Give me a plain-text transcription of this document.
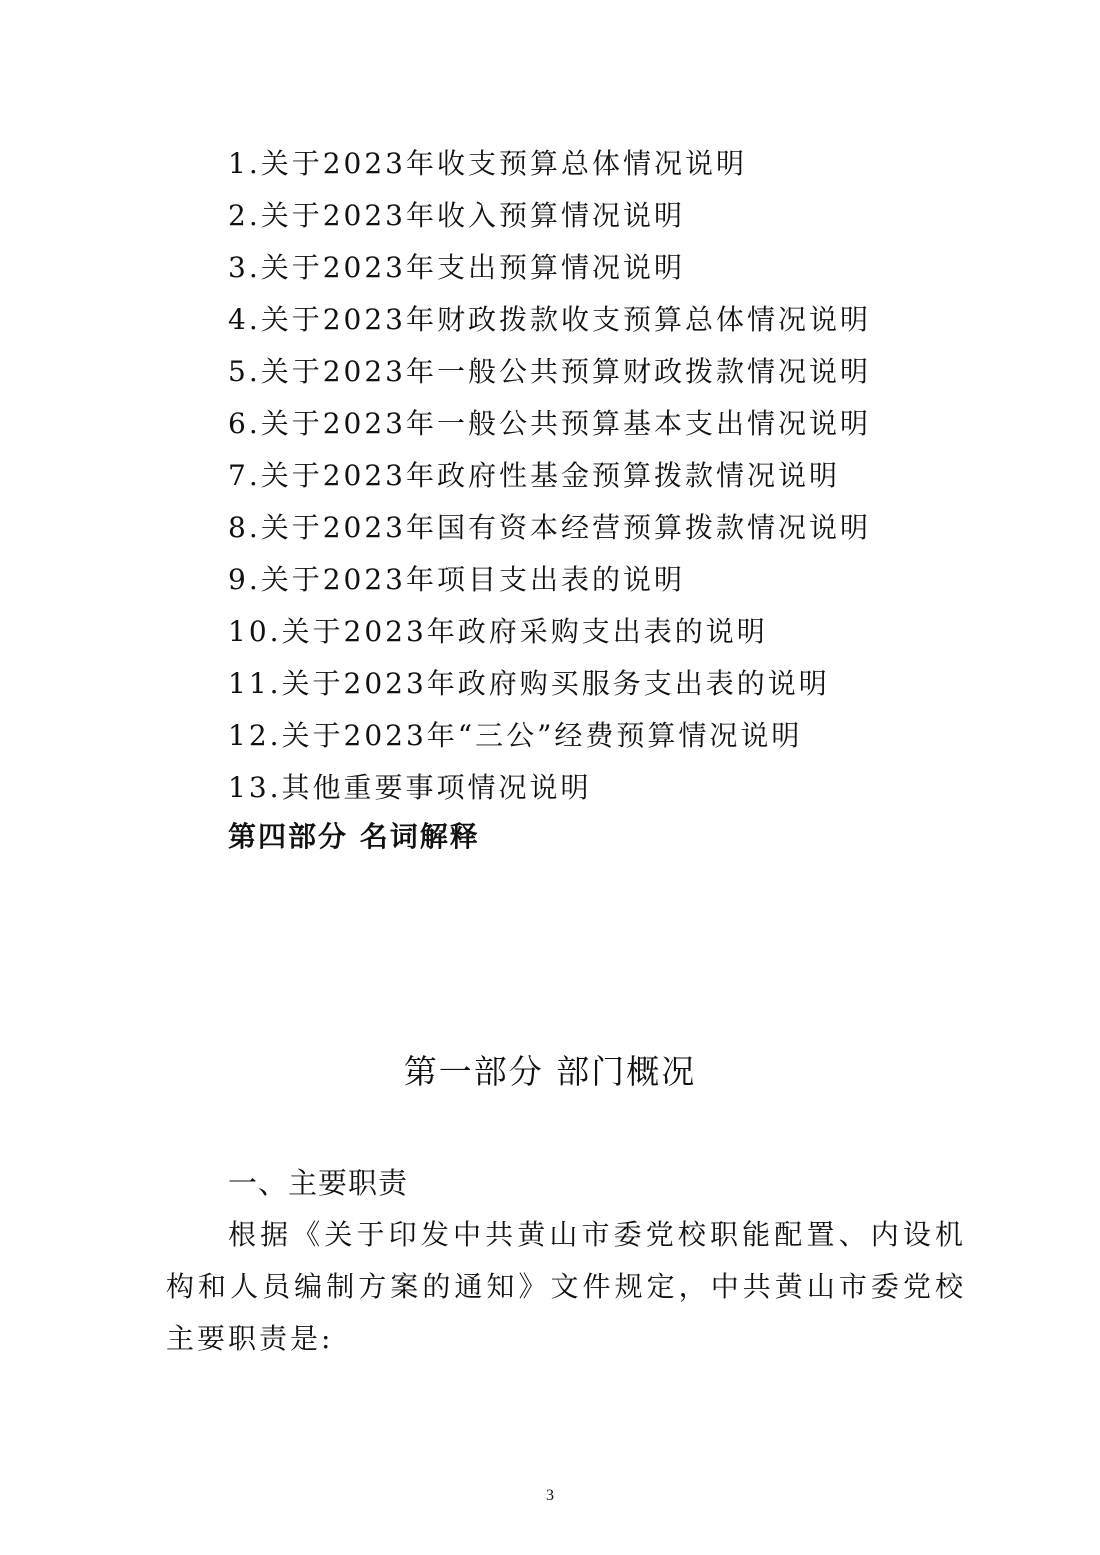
1.关于2023年收支预算总体情况说明
2.关于2023年收入预算情况说明
3.关于2023年支出预算情况说明
4.关于2023年财政拨款收支预算总体情况说明
5.关于2023年一般公共预算财政拨款情况说明
6.关于2023年一般公共预算基本支出情况说明
7.关于2023年政府性基金预算拨款情况说明
8.关于2023年国有资本经营预算拨款情况说明
9.关于2023年项目支出表的说明
10.关于2023年政府采购支出表的说明
11.关于2023年政府购买服务支出表的说明
12.关于2023年“三公”经费预算情况说明
13.其他重要事项情况说明
第四部分 名词解释
第一部分 部门概况
一、主要职责

根据《关于印发中共黄山市委党校职能配置、内设机构和人员编制方案的通知》文件规定，中共黄山市委党校主要职责是:

3
